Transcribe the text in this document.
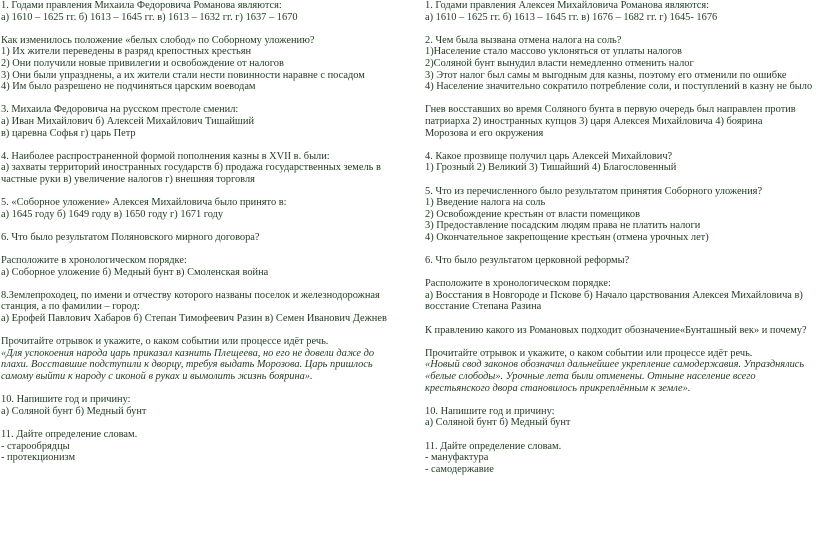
1. Годами правления Михаила Федоровича Романова являются:
а) 1610 – 1625 гг. б) 1613 – 1645 гг. в) 1613 – 1632 гг. г) 1637 – 1670
Как изменилось положение «белых слобод» по Соборному уложению?
1) Их жители переведены в разряд крепостных крестьян
2) Они получили новые привилегии и освобождение от налогов
3) Они были упразднены, а их жители стали нести повинности наравне с посадом
4) Им было разрешено не подчиняться царским воеводам
3. Михаила Федоровича на русском престоле сменил:
а) Иван Михайлович б) Алексей Михайлович Тишайший
в) царевна Софья г) царь Петр
4. Наиболее распространенной формой пополнения казны в XVII в. были:
а) захваты территорий иностранных государств б) продажа государственных земель в
частные руки в) увеличение налогов г) внешняя торговля
5. «Соборное уложение» Алексея Михайловича было принято в:
а) 1645 году б) 1649 году в) 1650 году г) 1671 году
6. Что было результатом Поляновского мирного договора?
Расположите в хронологическом порядке:
а) Соборное уложение б) Медный бунт в) Смоленская война
8.Землепроходец, по имени и отчеству которого названы поселок и железнодорожная
станция, а по фамилии – город:
а) Ерофей Павлович Хабаров б) Степан Тимофеевич Разин в) Семен Иванович Дежнев
Прочитайте отрывок и укажите, о каком событии или процессе идёт речь.
«Для успокоения народа царь приказал казнить Плещеева, но его не довели даже до
плахи. Восставшие подступили к дворцу, требуя выдать Морозова. Царь пришлось
самому выйти к народу с иконой в руках и вымолить жизнь боярина».
10. Напишите год и причину:
а) Соляной бунт б) Медный бунт
11. Дайте определение словам.
- старообрядцы
- протекционизм
1. Годами правления Алексея Михайловича Романова являются:
а) 1610 – 1625 гг. б) 1613 – 1645 гг. в) 1676 – 1682 гг. г) 1645- 1676
2. Чем была вызвана отмена налога на соль?
1)Население стало массово уклоняться от уплаты налогов
2)Соляной бунт вынудил власти немедленно отменить налог
3) Этот налог был самы м выгодным для казны, поэтому его отменили по ошибке
4) Население значительно сократило потребление соли, и поступлений в казну не было
Гнев восставших во время Соляного бунта в первую очередь был направлен против
патриарха 2) иностранных купцов 3) царя Алексея Михайловича 4) боярина
Морозова и его окружения
4. Какое прозвище получил царь Алексей Михайлович?
1) Грозный 2) Великий 3) Тишайший 4) Благословенный
5. Что из перечисленного было результатом принятия Соборного уложения?
1) Введение налога на соль
2) Освобождение крестьян от власти помещиков
3) Предоставление посадским людям права не платить налоги
4) Окончательное закрепощение крестьян (отмена урочных лет)
6. Что было результатом церковной реформы?
Расположите в хронологическом порядке:
а) Восстания в Новгороде и Пскове б) Начало царствования Алексея Михайловича в)
восстание Степана Разина
К правлению какого из Романовых подходит обозначение«Бунташный век» и почему?
Прочитайте отрывок и укажите, о каком событии или процессе идёт речь.
«Новый свод законов обозначил дальнейшее укрепление самодержавия. Упразднялись
«белые слободы». Урочные лета были отменены. Отныне население всего
крестьянского двора становилось прикреплённым к земле».
10. Напишите год и причину:
а) Соляной бунт б) Медный бунт
11. Дайте определение словам.
- мануфактура
- самодержавие
